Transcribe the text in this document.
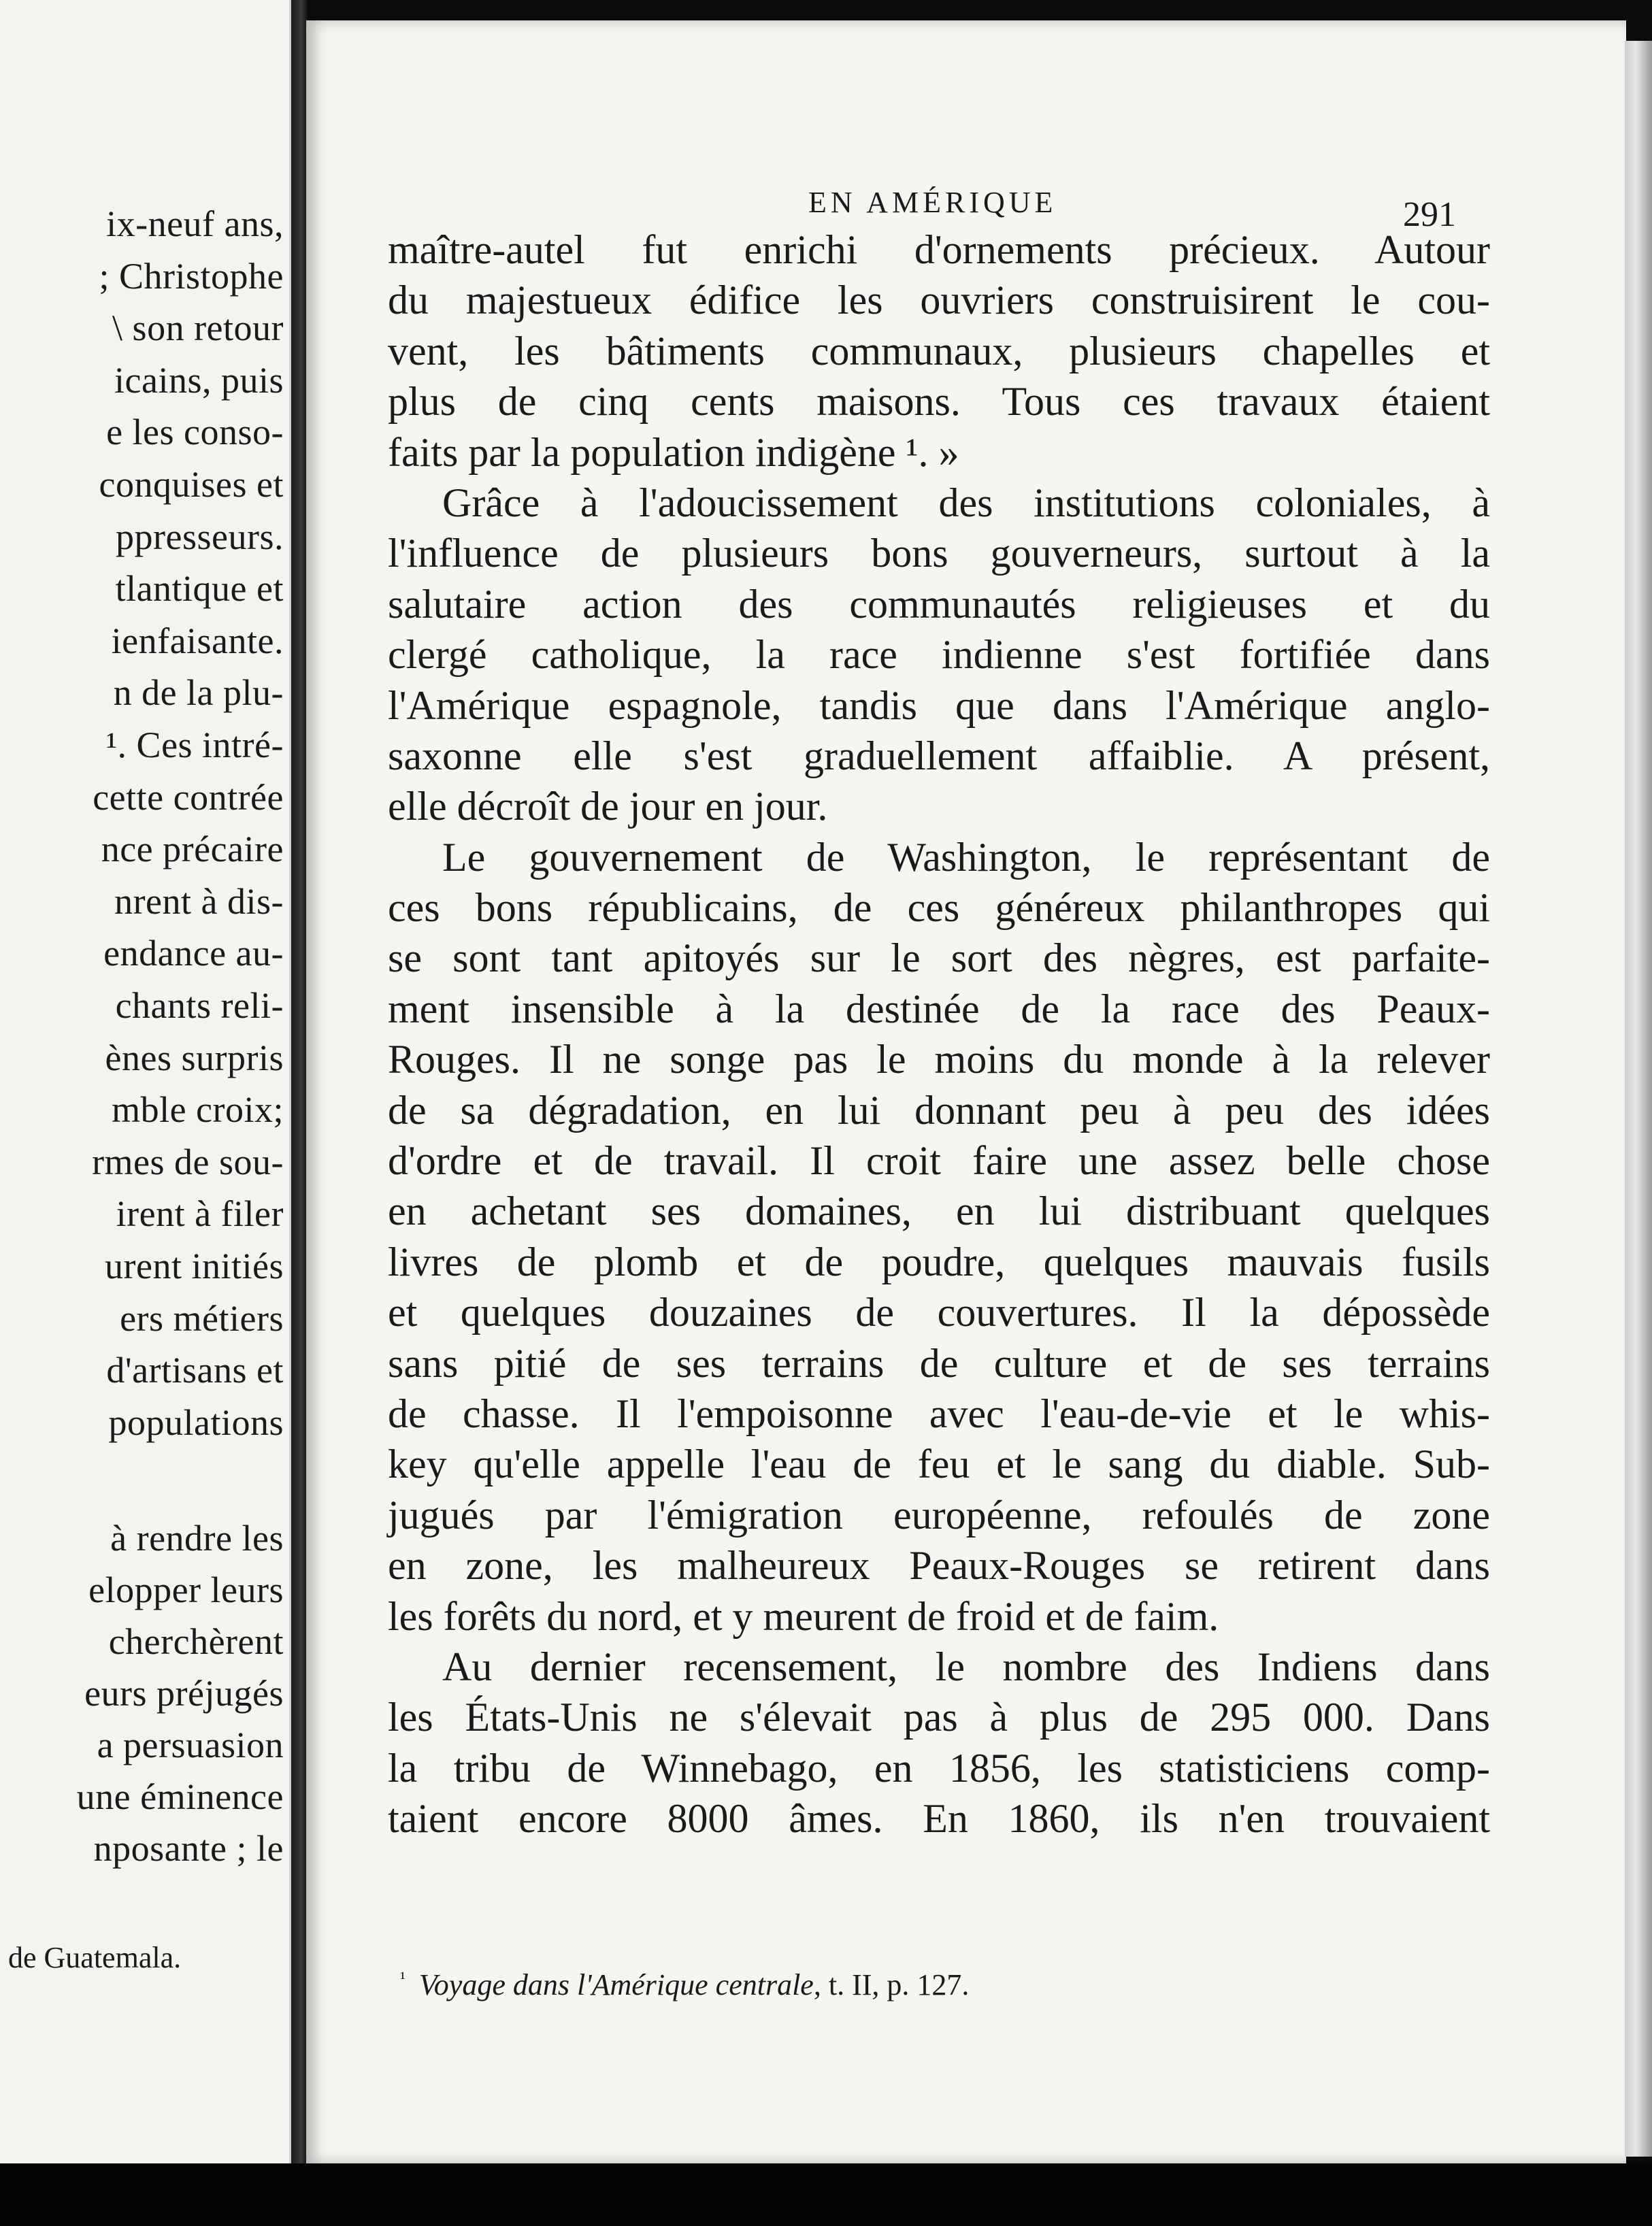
ix-neuf ans,
; Christophe
\ son retour
icains, puis
e les conso-
conquises et
ppresseurs.
tlantique et
ienfaisante.
n de la plu-
¹. Ces intré-
cette contrée
nce précaire
nrent à dis-
endance au-
chants reli-
ènes surpris
mble croix;
rmes de sou-
irent à filer
urent initiés
ers métiers
d'artisans et
populations
à rendre les
elopper leurs
cherchèrent
eurs préjugés
a persuasion
une éminence
nposante ; le
de Guatemala.
EN AMÉRIQUE	291
maître-autel fut enrichi d'ornements précieux. Autour
du majestueux édifice les ouvriers construisirent le cou-
vent, les bâtiments communaux, plusieurs chapelles et
plus de cinq cents maisons. Tous ces travaux étaient
faits par la population indigène ¹. »
Grâce à l'adoucissement des institutions coloniales, à
l'influence de plusieurs bons gouverneurs, surtout à la
salutaire action des communautés religieuses et du
clergé catholique, la race indienne s'est fortifiée dans
l'Amérique espagnole, tandis que dans l'Amérique anglo-
saxonne elle s'est graduellement affaiblie. A présent,
elle décroît de jour en jour.
Le gouvernement de Washington, le représentant de
ces bons républicains, de ces généreux philanthropes qui
se sont tant apitoyés sur le sort des nègres, est parfaite-
ment insensible à la destinée de la race des Peaux-
Rouges. Il ne songe pas le moins du monde à la relever
de sa dégradation, en lui donnant peu à peu des idées
d'ordre et de travail. Il croit faire une assez belle chose
en achetant ses domaines, en lui distribuant quelques
livres de plomb et de poudre, quelques mauvais fusils
et quelques douzaines de couvertures. Il la dépossède
sans pitié de ses terrains de culture et de ses terrains
de chasse. Il l'empoisonne avec l'eau-de-vie et le whis-
key qu'elle appelle l'eau de feu et le sang du diable. Sub-
jugués par l'émigration européenne, refoulés de zone
en zone, les malheureux Peaux-Rouges se retirent dans
les forêts du nord, et y meurent de froid et de faim.
Au dernier recensement, le nombre des Indiens dans
les États-Unis ne s'élevait pas à plus de 295 000. Dans
la tribu de Winnebago, en 1856, les statisticiens comp-
taient encore 8000 âmes. En 1860, ils n'en trouvaient
$^{^1}$ Voyage dans l'Amérique centrale, t. II, p. 127.
